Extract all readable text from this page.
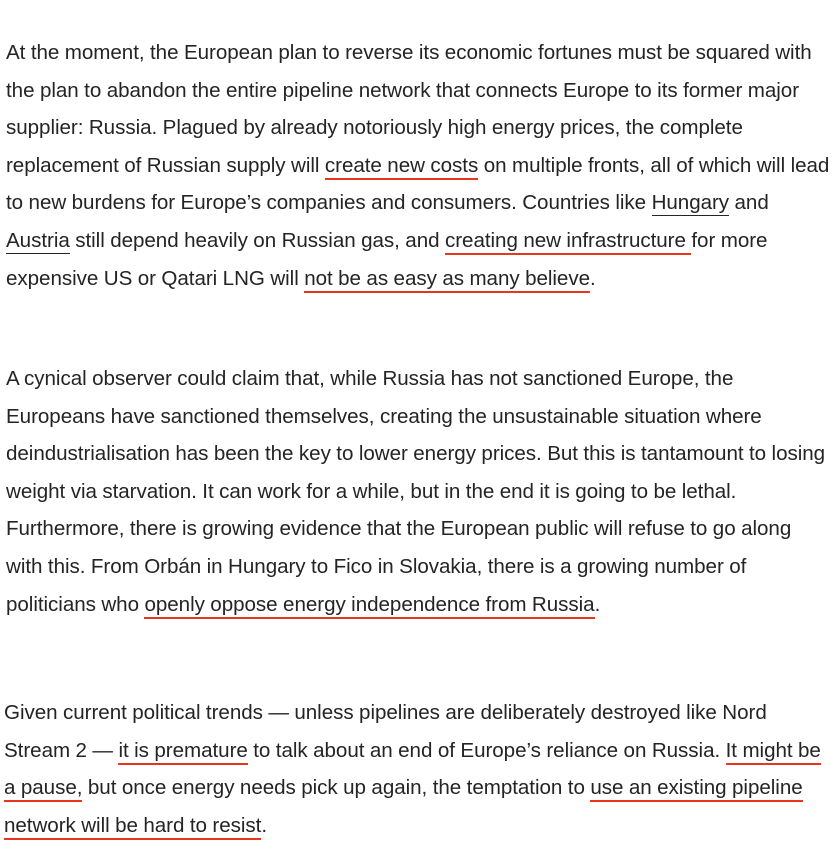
At the moment, the European plan to reverse its economic fortunes must be squared with the plan to abandon the entire pipeline network that connects Europe to its former major supplier: Russia. Plagued by already notoriously high energy prices, the complete replacement of Russian supply will create new costs on multiple fronts, all of which will lead to new burdens for Europe’s companies and consumers. Countries like Hungary and Austria still depend heavily on Russian gas, and creating new infrastructure for more expensive US or Qatari LNG will not be as easy as many believe.

A cynical observer could claim that, while Russia has not sanctioned Europe, the Europeans have sanctioned themselves, creating the unsustainable situation where deindustrialisation has been the key to lower energy prices. But this is tantamount to losing weight via starvation. It can work for a while, but in the end it is going to be lethal. Furthermore, there is growing evidence that the European public will refuse to go along with this. From Orbán in Hungary to Fico in Slovakia, there is a growing number of politicians who openly oppose energy independence from Russia.

Given current political trends — unless pipelines are deliberately destroyed like Nord Stream 2 — it is premature to talk about an end of Europe’s reliance on Russia. It might be a pause, but once energy needs pick up again, the temptation to use an existing pipeline network will be hard to resist.
